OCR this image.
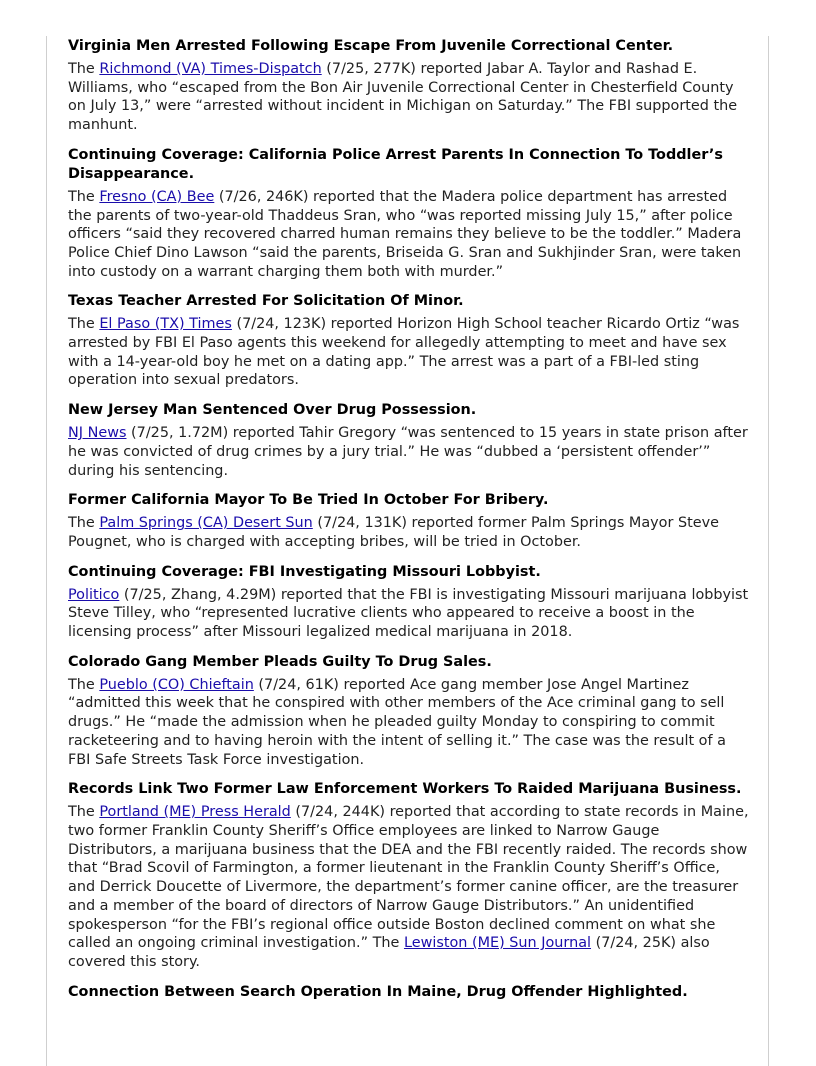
Virginia Men Arrested Following Escape From Juvenile Correctional Center.

The Richmond (VA) Times-Dispatch (7/25, 277K) reported Jabar A. Taylor and Rashad E. Williams, who “escaped from the Bon Air Juvenile Correctional Center in Chesterfield County on July 13,” were “arrested without incident in Michigan on Saturday.” The FBI supported the manhunt.

Continuing Coverage: California Police Arrest Parents In Connection To Toddler’s Disappearance.

The Fresno (CA) Bee (7/26, 246K) reported that the Madera police department has arrested the parents of two-year-old Thaddeus Sran, who “was reported missing July 15,” after police officers “said they recovered charred human remains they believe to be the toddler.” Madera Police Chief Dino Lawson “said the parents, Briseida G. Sran and Sukhjinder Sran, were taken into custody on a warrant charging them both with murder.”

Texas Teacher Arrested For Solicitation Of Minor.

The El Paso (TX) Times (7/24, 123K) reported Horizon High School teacher Ricardo Ortiz “was arrested by FBI El Paso agents this weekend for allegedly attempting to meet and have sex with a 14-year-old boy he met on a dating app.” The arrest was a part of a FBI-led sting operation into sexual predators.

New Jersey Man Sentenced Over Drug Possession.

NJ News (7/25, 1.72M) reported Tahir Gregory “was sentenced to 15 years in state prison after he was convicted of drug crimes by a jury trial.” He was “dubbed a ‘persistent offender’” during his sentencing.

Former California Mayor To Be Tried In October For Bribery.

The Palm Springs (CA) Desert Sun (7/24, 131K) reported former Palm Springs Mayor Steve Pougnet, who is charged with accepting bribes, will be tried in October.

Continuing Coverage: FBI Investigating Missouri Lobbyist.

Politico (7/25, Zhang, 4.29M) reported that the FBI is investigating Missouri marijuana lobbyist Steve Tilley, who “represented lucrative clients who appeared to receive a boost in the licensing process” after Missouri legalized medical marijuana in 2018.

Colorado Gang Member Pleads Guilty To Drug Sales.

The Pueblo (CO) Chieftain (7/24, 61K) reported Ace gang member Jose Angel Martinez “admitted this week that he conspired with other members of the Ace criminal gang to sell drugs.” He “made the admission when he pleaded guilty Monday to conspiring to commit racketeering and to having heroin with the intent of selling it.” The case was the result of a FBI Safe Streets Task Force investigation.

Records Link Two Former Law Enforcement Workers To Raided Marijuana Business.

The Portland (ME) Press Herald (7/24, 244K) reported that according to state records in Maine, two former Franklin County Sheriff’s Office employees are linked to Narrow Gauge Distributors, a marijuana business that the DEA and the FBI recently raided. The records show that “Brad Scovil of Farmington, a former lieutenant in the Franklin County Sheriff’s Office, and Derrick Doucette of Livermore, the department’s former canine officer, are the treasurer and a member of the board of directors of Narrow Gauge Distributors.” An unidentified spokesperson “for the FBI’s regional office outside Boston declined comment on what she called an ongoing criminal investigation.” The Lewiston (ME) Sun Journal (7/24, 25K) also covered this story.

Connection Between Search Operation In Maine, Drug Offender Highlighted.
